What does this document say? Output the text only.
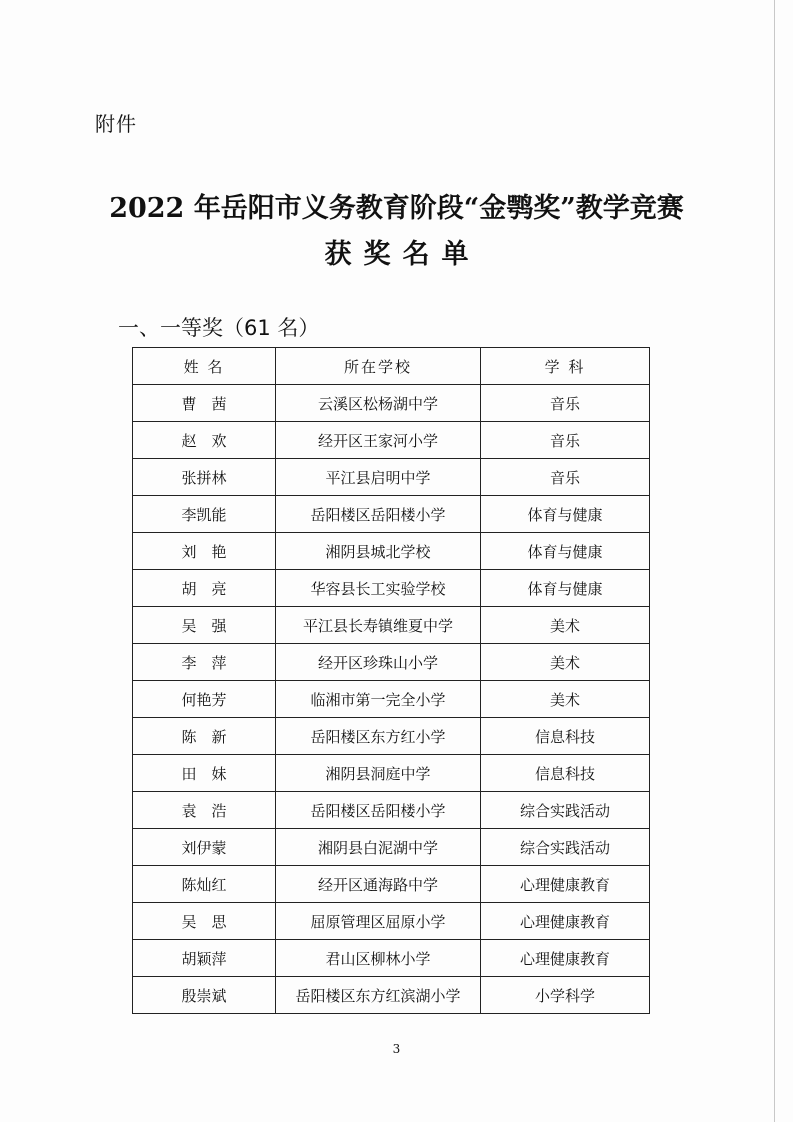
附件
2022 年岳阳市义务教育阶段“金鹗奖”教学竞赛
获奖名单
一、一等奖（61 名）
姓 名	所在学校	学 科
曹　茜	云溪区松杨湖中学	音乐
赵　欢	经开区王家河小学	音乐
张拼林	平江县启明中学	音乐
李凯能	岳阳楼区岳阳楼小学	体育与健康
刘　艳	湘阴县城北学校	体育与健康
胡　亮	华容县长工实验学校	体育与健康
吴　强	平江县长寿镇维夏中学	美术
李　萍	经开区珍珠山小学	美术
何艳芳	临湘市第一完全小学	美术
陈　新	岳阳楼区东方红小学	信息科技
田　妹	湘阴县洞庭中学	信息科技
袁　浩	岳阳楼区岳阳楼小学	综合实践活动
刘伊蒙	湘阴县白泥湖中学	综合实践活动
陈灿红	经开区通海路中学	心理健康教育
吴　思	屈原管理区屈原小学	心理健康教育
胡颖萍	君山区柳林小学	心理健康教育
殷崇斌	岳阳楼区东方红滨湖小学	小学科学
3
